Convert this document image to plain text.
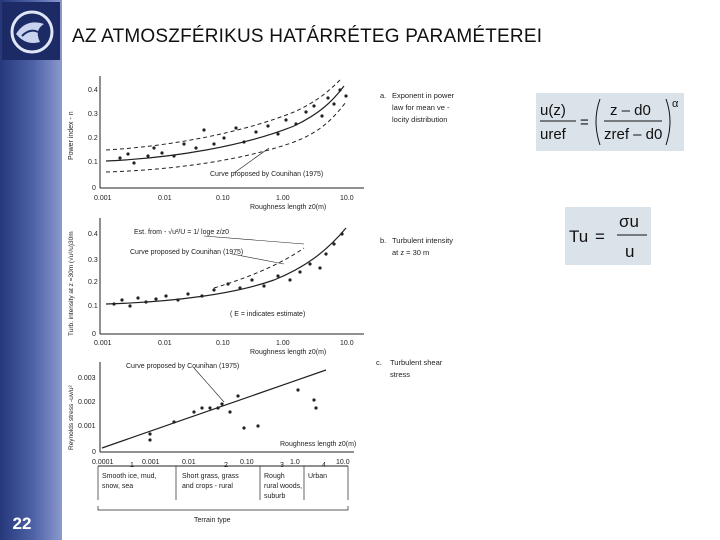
22
AZ ATMOSZFÉRIKUS HATÁRRÉTEG PARAMÉTEREI
Power index - n
0.4
0.3
0.2
0.1
0
0.001	0.01	0.10	1.00	10.0
Roughness length z0(m)
Curve proposed by Counihan (1975)
a. Exponent in power
law for mean ve -
locity distribution
Turb. intensity at z =30m (√u²/u)30m 0.4
0.3
0.2
0.1
0
0.001	0.01	0.10	1.00	10.0
Roughness length z0(m)
Est. from - √u²/U = 1/ loge z/z0
Curve proposed by Counihan (1975)
( E = indicates estimate)
b. Turbulent intensity
at z = 30 m
Reynolds stress -uv/u²
0.003
0.002
0.001
0
Roughness length z0(m)
Curve proposed by Counihan (1975)	c. Turbulent shear
stress
0.0001	0.001	0.01	0.10	1.0	10.0
1	2	3	4
Smooth ice, mud,
snow, sea
Short grass, grass
and crops - rural
Rough
rural woods,
suburb
Urban
Terrain type
u(z)
uref
=
z – d0
zref – d0
α
Tu =
σu
u
